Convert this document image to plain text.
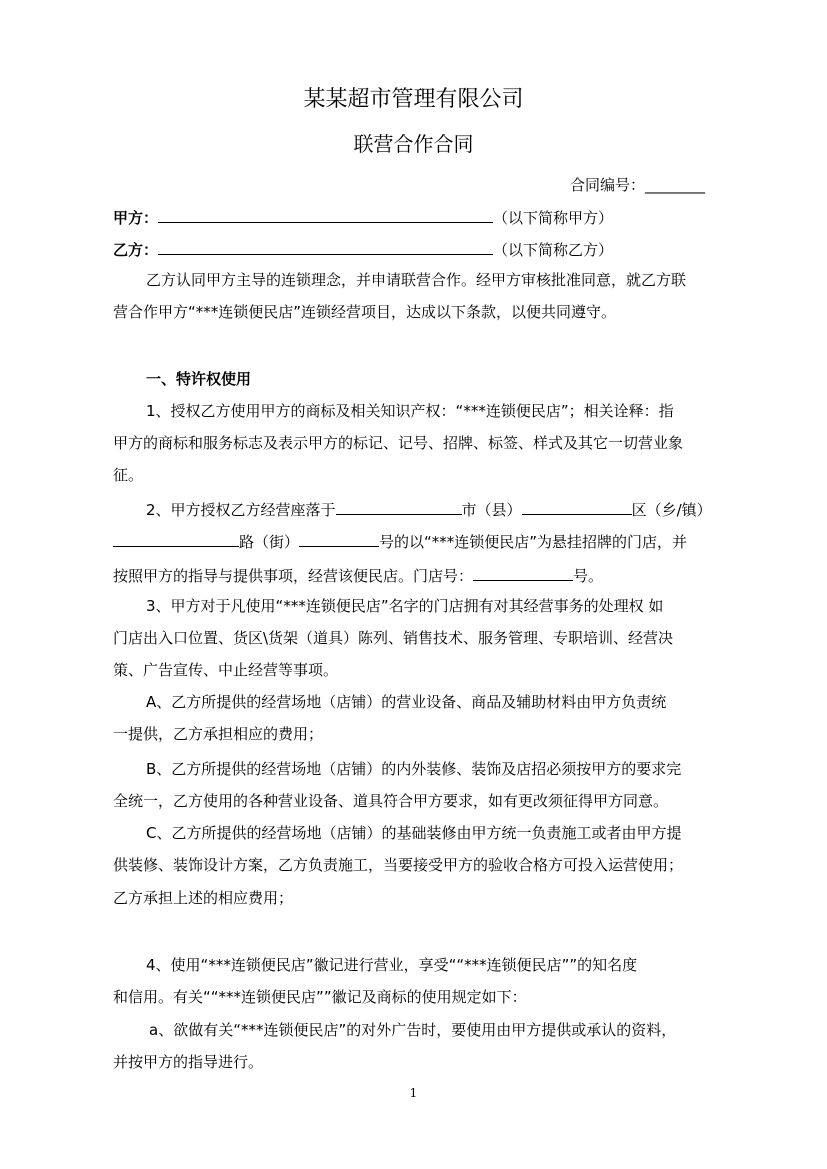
某某超市管理有限公司
联营合作合同
合同编号：________
甲方：	（以下简称甲方）
乙方：	（以下简称乙方）
乙方认同甲方主导的连锁理念，并申请联营合作。经甲方审核批准同意，就乙方联
营合作甲方“***连锁便民店”连锁经营项目，达成以下条款，以便共同遵守。
一、特许权使用
1、授权乙方使用甲方的商标及相关知识产权：“***连锁便民店”；相关诠释：指
甲方的商标和服务标志及表示甲方的标记、记号、招牌、标签、样式及其它一切营业象
征。
2、甲方授权乙方经营座落于	市（县）	区（乡/镇）
路（街）	号的以“***连锁便民店”为悬挂招牌的门店，并
按照甲方的指导与提供事项，经营该便民店。门店号：	号。
3、甲方对于凡使用“***连锁便民店”名字的门店拥有对其经营事务的处理权 如
门店出入口位置、货区\货架（道具）陈列、销售技术、服务管理、专职培训、经营决
策、广告宣传、中止经营等事项。
A、乙方所提供的经营场地（店铺）的营业设备、商品及辅助材料由甲方负责统
一提供，乙方承担相应的费用；
B、乙方所提供的经营场地（店铺）的内外装修、装饰及店招必须按甲方的要求完
全统一，乙方使用的各种营业设备、道具符合甲方要求，如有更改须征得甲方同意。
C、乙方所提供的经营场地（店铺）的基础装修由甲方统一负责施工或者由甲方提
供装修、装饰设计方案，乙方负责施工，当要接受甲方的验收合格方可投入运营使用；
乙方承担上述的相应费用；
4、使用“***连锁便民店”徽记进行营业，享受““***连锁便民店””的知名度
和信用。有关““***连锁便民店””徽记及商标的使用规定如下：
a、欲做有关“***连锁便民店”的对外广告时，要使用由甲方提供或承认的资料，
并按甲方的指导进行。
1
